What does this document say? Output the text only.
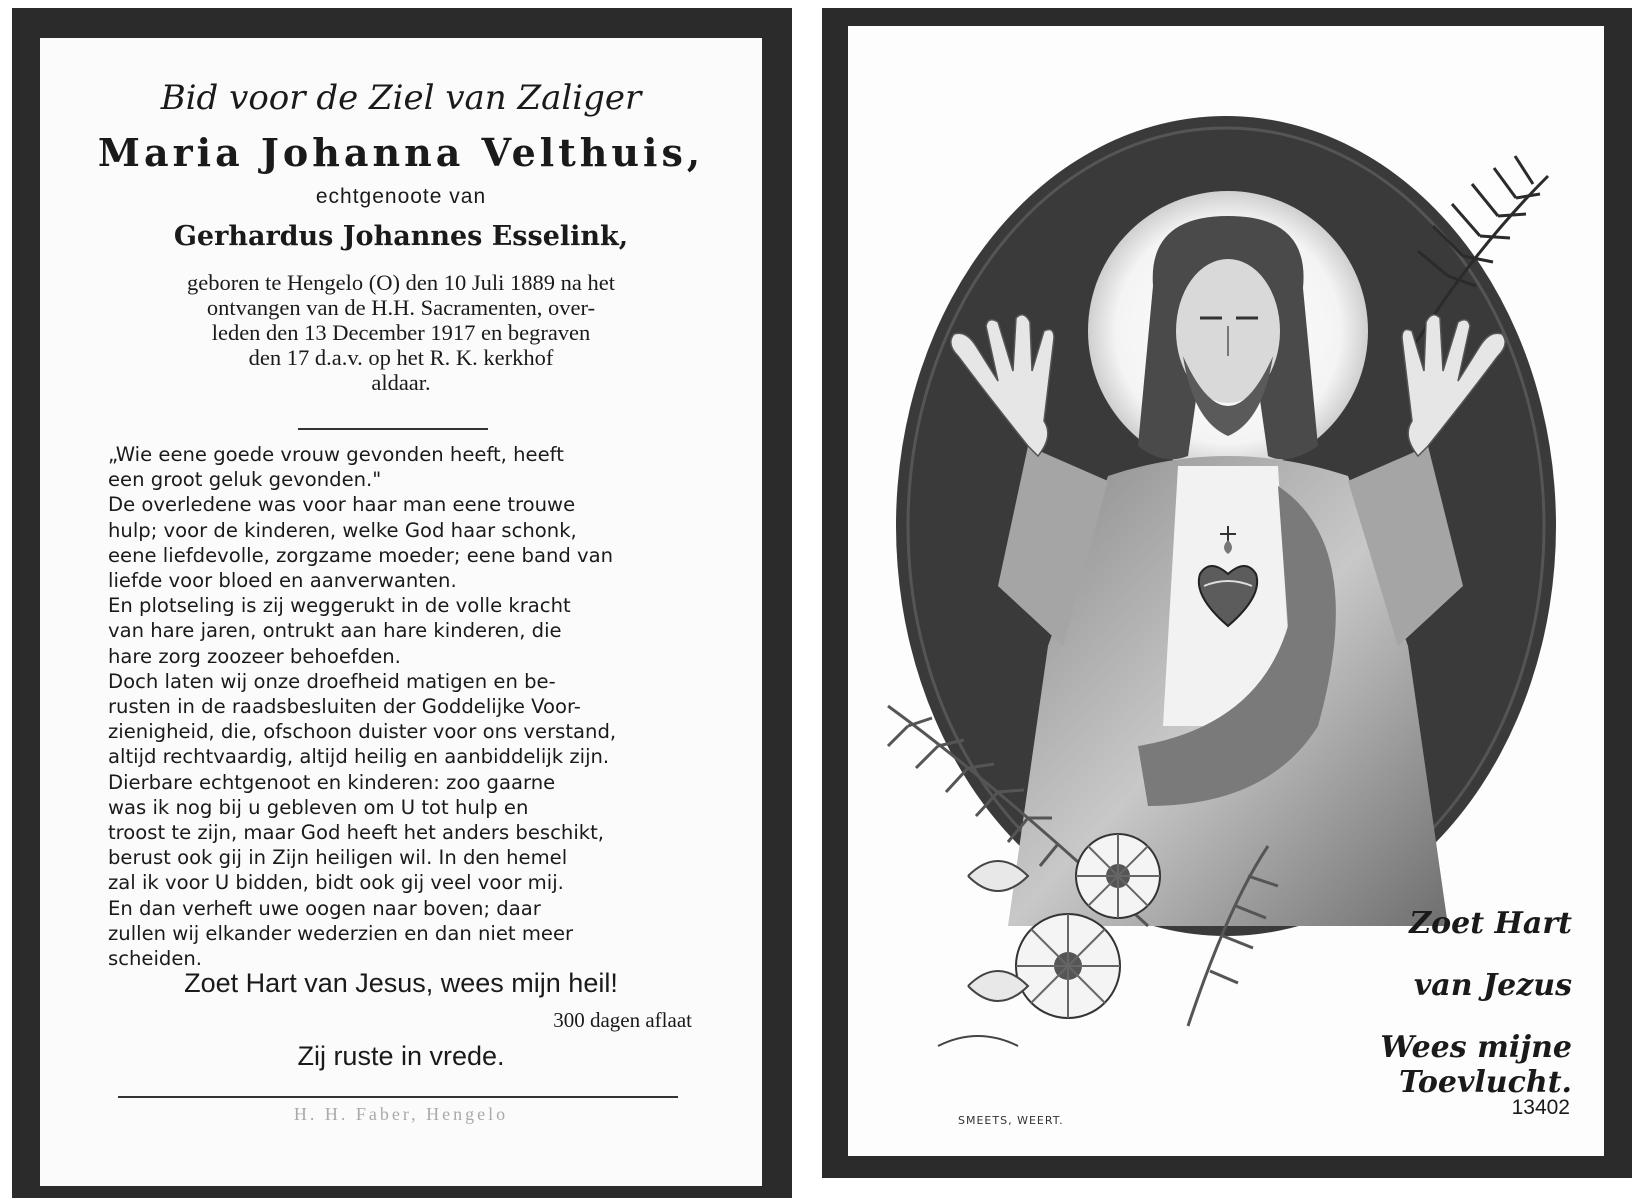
Bid voor de Ziel van Zaliger
Maria Johanna Velthuis,
echtgenoote van
Gerhardus Johannes Esselink,
geboren te Hengelo (O) den 10 Juli 1889 na het
ontvangen van de H.H. Sacramenten, over-
leden den 13 December 1917 en begraven
den 17 d.a.v. op het R. K. kerkhof
aldaar.
„Wie eene goede vrouw gevonden heeft, heeft
een groot geluk gevonden."
De overledene was voor haar man eene trouwe
hulp; voor de kinderen, welke God haar schonk,
eene liefdevolle, zorgzame moeder; eene band van
liefde voor bloed en aanverwanten.
En plotseling is zij weggerukt in de volle kracht
van hare jaren, ontrukt aan hare kinderen, die
hare zorg zoozeer behoefden.
Doch laten wij onze droefheid matigen en be-
rusten in de raadsbesluiten der Goddelijke Voor-
zienigheid, die, ofschoon duister voor ons verstand,
altijd rechtvaardig, altijd heilig en aanbiddelijk zijn.
Dierbare echtgenoot en kinderen: zoo gaarne
was ik nog bij u gebleven om U tot hulp en
troost te zijn, maar God heeft het anders beschikt,
berust ook gij in Zijn heiligen wil. In den hemel
zal ik voor U bidden, bidt ook gij veel voor mij.
En dan verheft uwe oogen naar boven; daar
zullen wij elkander wederzien en dan niet meer
scheiden.
Zoet Hart van Jesus, wees mijn heil!
300 dagen aflaat
Zij ruste in vrede.
H. H. Faber, Hengelo
Zoet Hart
van Jezus
Wees mijne Toevlucht.
SMEETS, WEERT.
13402
